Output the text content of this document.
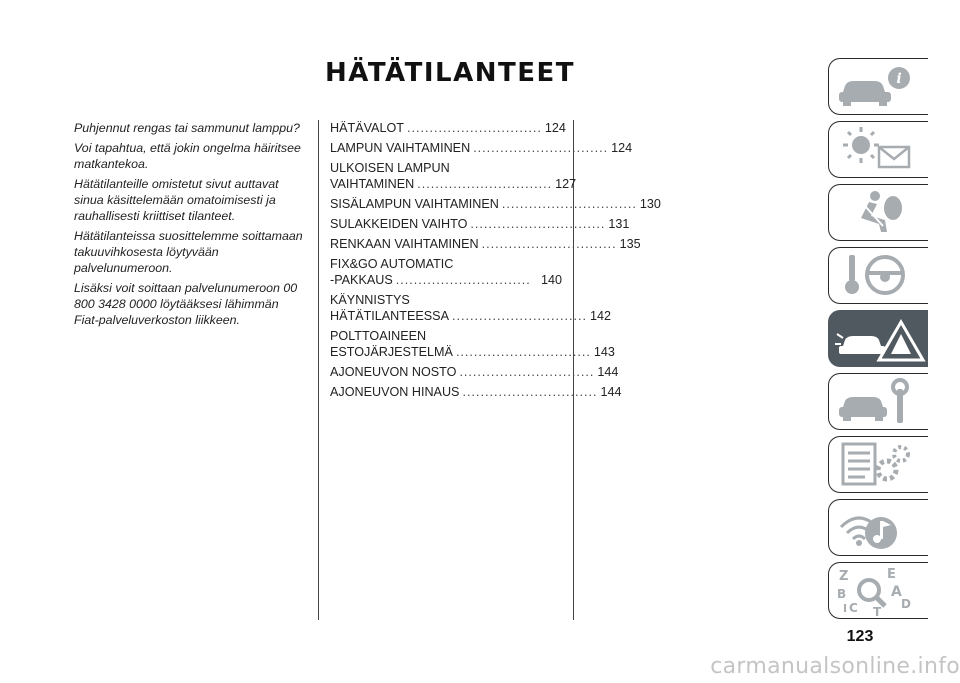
HÄTÄTILANTEET

Puhjennut rengas tai sammunut lamppu?

Voi tapahtua, että jokin ongelma häiritsee matkantekoa.

Hätätilanteille omistetut sivut auttavat sinua käsittelemään omatoimisesti ja rauhallisesti kriittiset tilanteet.

Hätätilanteissa suosittelemme soittamaan takuuvihkosesta löytyvään palvelunumeroon.

Lisäksi voit soittaan palvelunumeroon 00 800 3428 0000 löytääksesi lähimmän Fiat-palveluverkoston liikkeen.

HÄTÄVALOT .............................. 124
LAMPUN VAIHTAMINEN .............................. 124
ULKOISEN LAMPUN
VAIHTAMINEN .............................. 127
SISÄLAMPUN VAIHTAMINEN .............................. 130
SULAKKEIDEN VAIHTO .............................. 131
RENKAAN VAIHTAMINEN .............................. 135
FIX&GO AUTOMATIC
-PAKKAUS .............................. 140
KÄYNNISTYS
HÄTÄTILANTEESSA .............................. 142
POLTTOAINEEN
ESTOJÄRJESTELMÄ .............................. 143
AJONEUVON NOSTO .............................. 144
AJONEUVON HINAUS .............................. 144
i
Z	E
B	A
C	D
T
I
123
carmanualsonline.info
